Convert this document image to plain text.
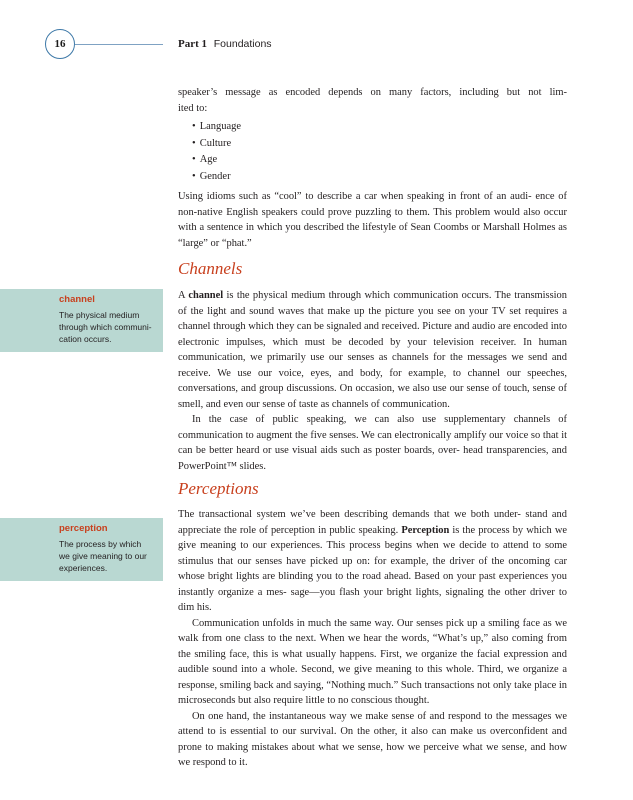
16	Part 1 Foundations

speaker’s message as encoded depends on many factors, including but not lim-

ited to:

• Language
• Culture
• Age
• Gender

Using idioms such as “cool” to describe a car when speaking in front of an audi- ence of non-native English speakers could prove puzzling to them. This problem would also occur with a sentence in which you described the lifestyle of Sean Coombs or Marshall Holmes as “large” or “phat.”

Channels
channel
The physical medium through which communi- cation occurs.

A channel is the physical medium through which communication occurs. The transmission of the light and sound waves that make up the picture you see on your TV set requires a channel through which they can be signaled and received. Picture and audio are encoded into electronic impulses, which must be decoded by your television receiver. In human communication, we primarily use our senses as channels for the messages we send and receive. We use our voice, eyes, and body, for example, to channel our speeches, conversations, and group discussions. On occasion, we also use our sense of touch, sense of smell, and even our sense of taste as channels of communication.

In the case of public speaking, we can also use supplementary channels of communication to augment the five senses. We can electronically amplify our voice so that it can be better heard or use visual aids such as poster boards, over- head transparencies, and PowerPoint™ slides.

Perceptions
perception
The process by which we give meaning to our experiences.

The transactional system we’ve been describing demands that we both under- stand and appreciate the role of perception in public speaking. Perception is the process by which we give meaning to our experiences. This process begins when we decide to attend to some stimulus that our senses have picked up on: for example, the driver of the oncoming car whose bright lights are blinding you to the road ahead. Based on your past experiences you instantly organize a mes- sage—you flash your bright lights, signaling the other driver to dim his.

Communication unfolds in much the same way. Our senses pick up a smiling face as we walk from one class to the next. When we hear the words, “What’s up,” also coming from the smiling face, this is what usually happens. First, we organize the facial expression and audible sound into a whole. Second, we give meaning to this whole. Third, we organize a response, smiling back and saying, “Nothing much.” Such transactions not only take place in microseconds but also require little to no conscious thought.

On one hand, the instantaneous way we make sense of and respond to the messages we attend to is essential to our survival. On the other, it also can make us overconfident and prone to making mistakes about what we sense, how we perceive what we sense, and how we respond to it.
